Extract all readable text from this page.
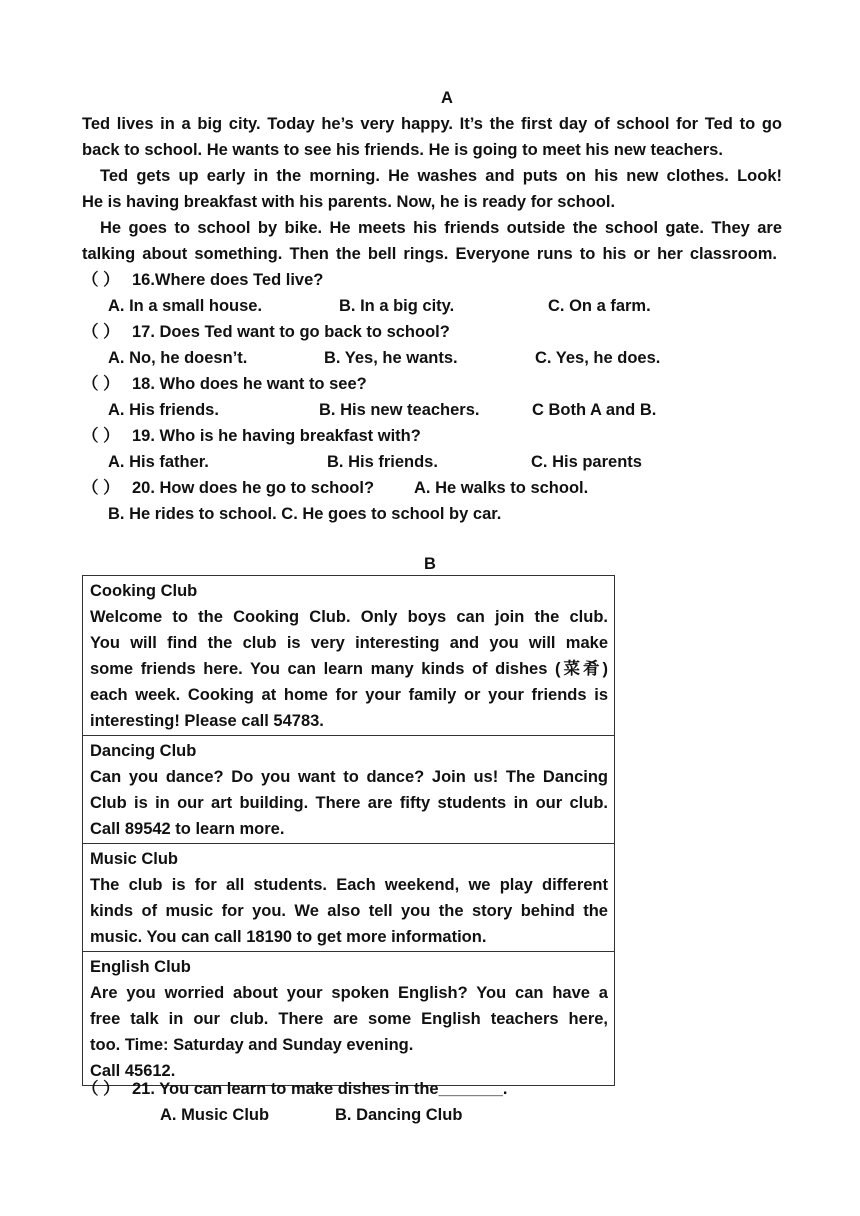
A
Ted lives in a big city. Today he’s very happy. It’s the first day of school for Ted to go
back to school. He wants to see his friends. He is going to meet his new teachers.
Ted gets up early in the morning. He washes and puts on his new clothes. Look!
He is having breakfast with his parents. Now, he is ready for school.
He goes to school by bike. He meets his friends outside the school gate. They are
talking about something. Then the bell rings. Everyone runs to his or her classroom.
（ ） 16.Where does Ted live?
A. In a small house.	B. In a big city.	C. On a farm.
（ ） 17. Does Ted want to go back to school?
A. No, he doesn’t.	B. Yes, he wants.	C. Yes, he does.
（ ） 18. Who does he want to see?
A. His friends.	B. His new teachers.	C Both A and B.
（ ） 19. Who is he having breakfast with?
A. His father.	B. His friends.	C. His parents
（ ） 20. How does he go to school? A. He walks to school.
B. He rides to school. C. He goes to school by car.
B
Cooking Club
Welcome to the Cooking Club. Only boys can join the club.
You will find the club is very interesting and you will make
some friends here. You can learn many kinds of dishes (菜肴)
each week. Cooking at home for your family or your friends is
interesting! Please call 54783.

Dancing Club
Can you dance? Do you want to dance? Join us! The Dancing
Club is in our art building. There are fifty students in our club.
Call 89542 to learn more.

Music Club
The club is for all students. Each weekend, we play different
kinds of music for you. We also tell you the story behind the
music. You can call 18190 to get more information.

English Club
Are you worried about your spoken English? You can have a
free talk in our club. There are some English teachers here,
too. Time: Saturday and Sunday evening.
Call 45612.
（ ） 21. You can learn to make dishes in the_______.
A. Music Club	B. Dancing Club
